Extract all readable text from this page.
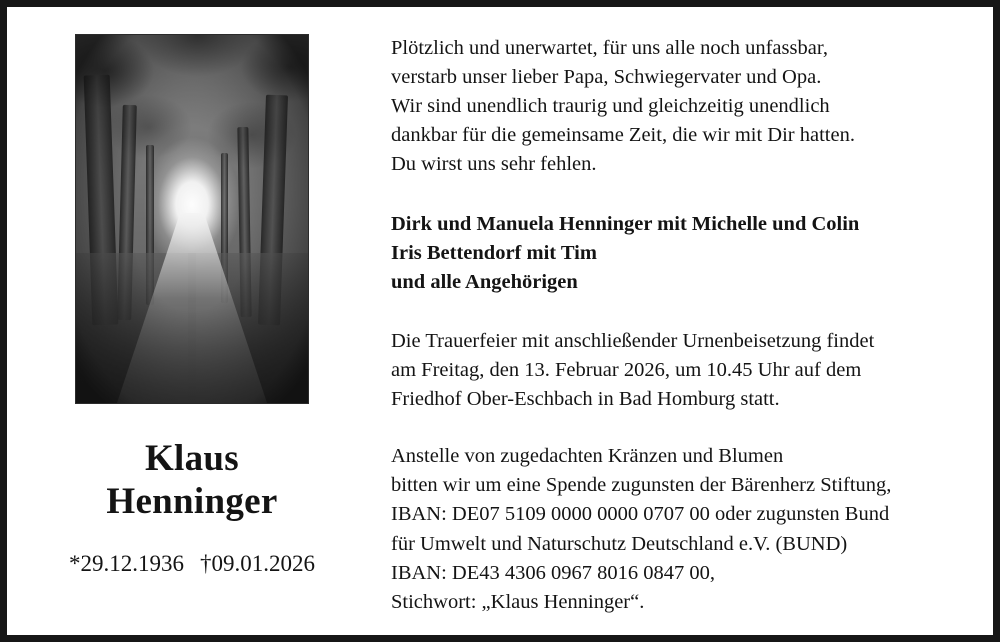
Klaus
Henninger
*29.12.1936 †09.01.2026
Plötzlich und unerwartet, für uns alle noch unfassbar,
verstarb unser lieber Papa, Schwiegervater und Opa.
Wir sind unendlich traurig und gleichzeitig unendlich
dankbar für die gemeinsame Zeit, die wir mit Dir hatten.
Du wirst uns sehr fehlen.
Dirk und Manuela Henninger mit Michelle und Colin
Iris Bettendorf mit Tim
und alle Angehörigen
Die Trauerfeier mit anschließender Urnenbeisetzung findet
am Freitag, den 13. Februar 2026, um 10.45 Uhr auf dem
Friedhof Ober-Eschbach in Bad Homburg statt.
Anstelle von zugedachten Kränzen und Blumen
bitten wir um eine Spende zugunsten der Bärenherz Stiftung,
IBAN: DE07 5109 0000 0000 0707 00 oder zugunsten Bund
für Umwelt und Naturschutz Deutschland e.V. (BUND)
IBAN: DE43 4306 0967 8016 0847 00,
Stichwort: „Klaus Henninger“.
